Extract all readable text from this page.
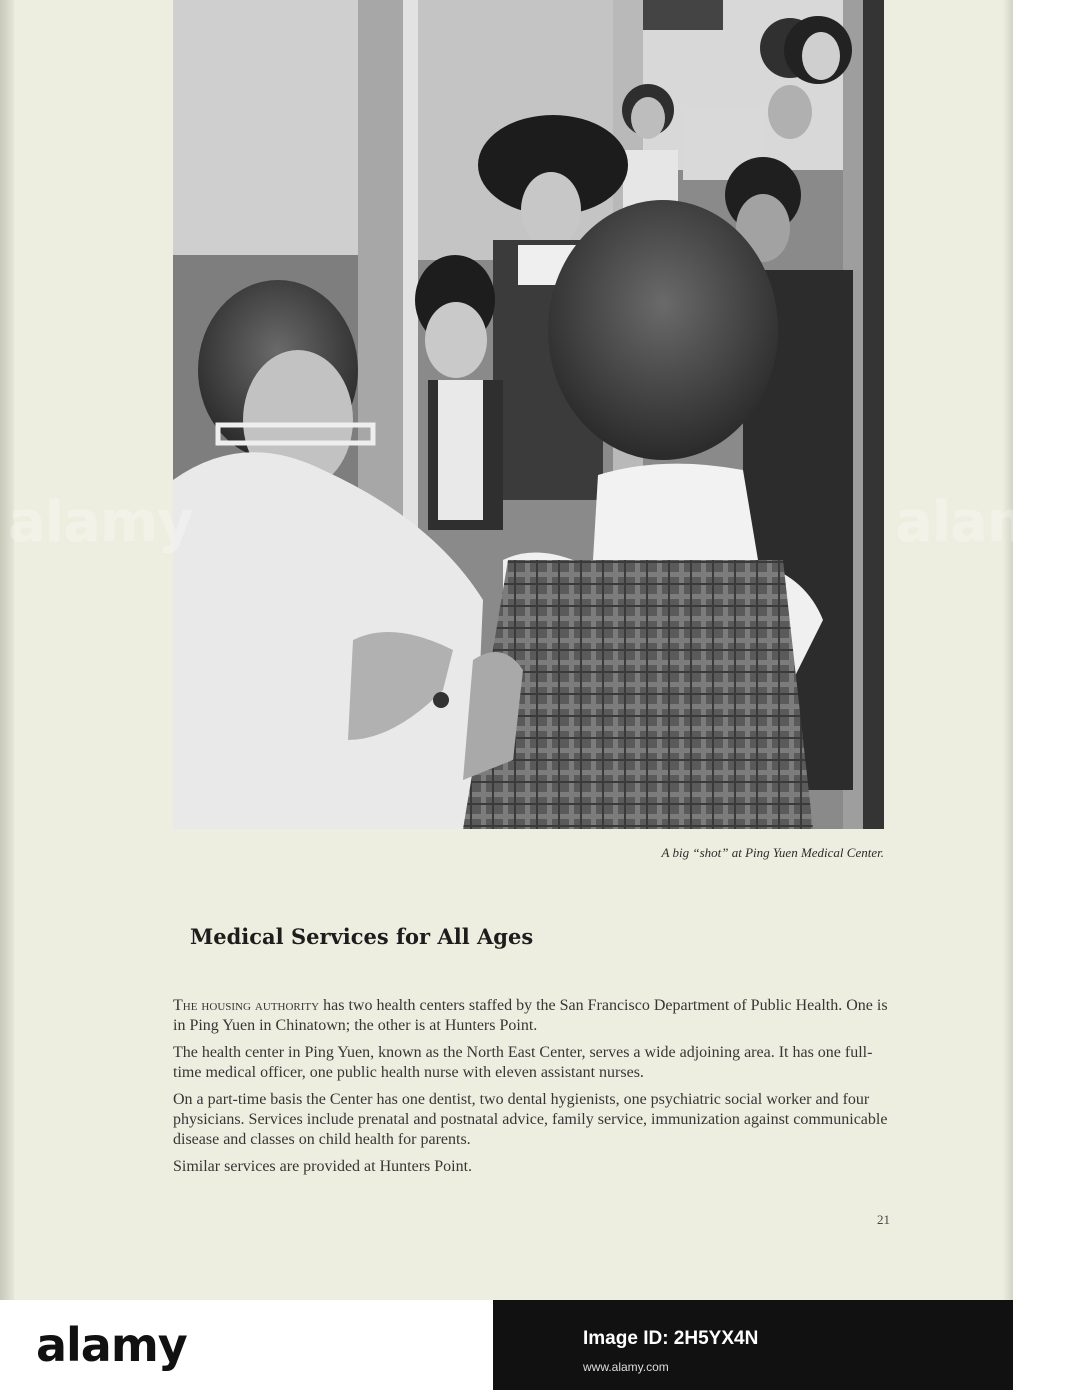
A big “shot” at Ping Yuen Medical Center.
Medical Services for All Ages

The housing authority has two health centers staffed by the San Francisco Department of Public Health. One is in Ping Yuen in Chinatown; the other is at Hunters Point.

The health center in Ping Yuen, known as the North East Center, serves a wide adjoining area. It has one full-time medical officer, one public health nurse with eleven assistant nurses.

On a part-time basis the Center has one dentist, two dental hygienists, one psychiatric social worker and four physicians. Services include prenatal and postnatal advice, family service, immunization against communicable disease and classes on child health for parents.

Similar services are provided at Hunters Point.

21
alamy	alamy
alamy	Image ID: 2H5YX4N
www.alamy.com
